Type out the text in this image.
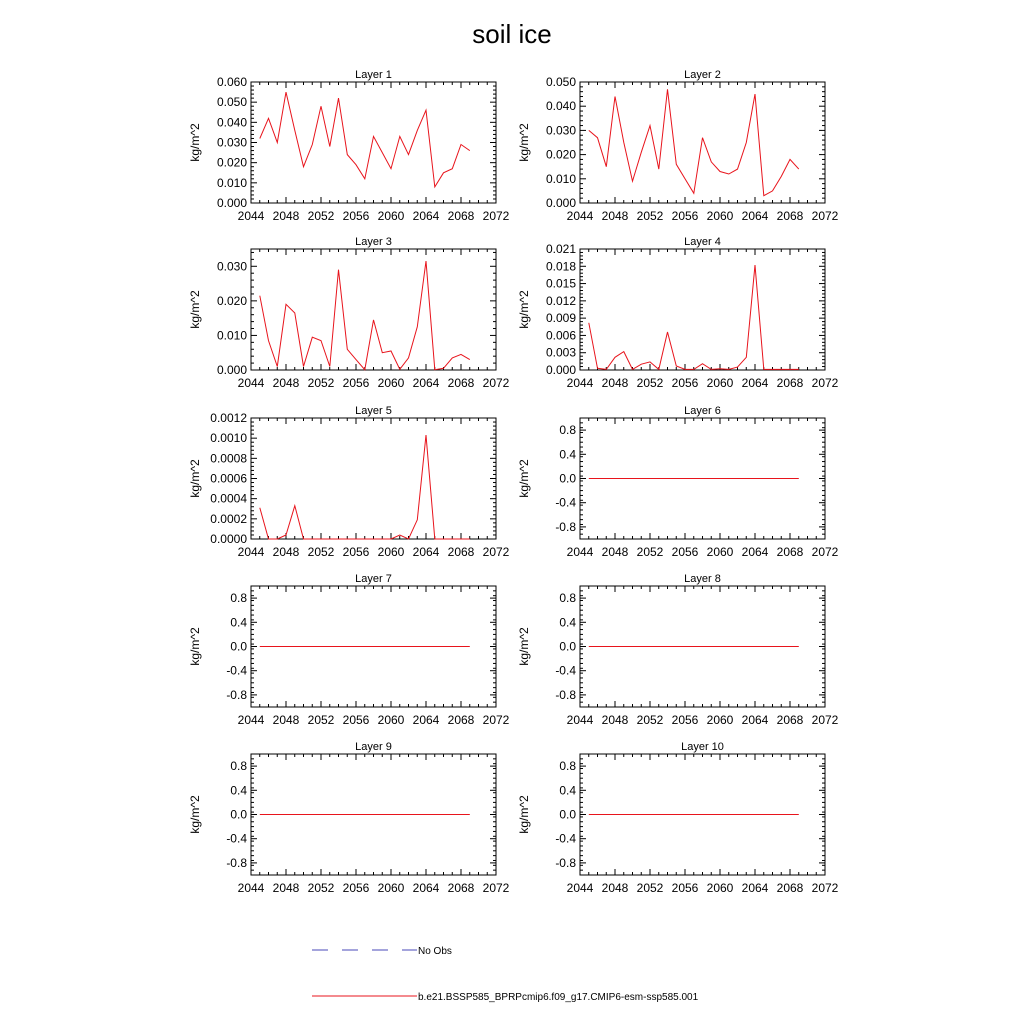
soil ice
Layer 1
2044 2048 2052 2056 2060 2064 2068 2072
0.000
0.010
0.020
0.030
0.040
0.050
0.060
kg/m^2
Layer 2
2044 2048 2052 2056 2060 2064 2068 2072
0.000
0.010
0.020
0.030
0.040
0.050
kg/m^2
Layer 3
2044 2048 2052 2056 2060 2064 2068 2072
0.000
0.010
0.020
0.030
kg/m^2
Layer 4
2044 2048 2052 2056 2060 2064 2068 2072
0.000
0.003
0.006
0.009
0.012
0.015
0.018
0.021
kg/m^2
Layer 5
2044 2048 2052 2056 2060 2064 2068 2072
0.0000
0.0002
0.0004
0.0006
0.0008
0.0010
0.0012
kg/m^2
Layer 6
2044 2048 2052 2056 2060 2064 2068 2072
-0.8
-0.4
0.0
0.4
0.8
kg/m^2
Layer 7
2044 2048 2052 2056 2060 2064 2068 2072
-0.8
-0.4
0.0
0.4
0.8
kg/m^2
Layer 8
2044 2048 2052 2056 2060 2064 2068 2072
-0.8
-0.4
0.0
0.4
0.8
kg/m^2
Layer 9
2044 2048 2052 2056 2060 2064 2068 2072
-0.8
-0.4
0.0
0.4
0.8
kg/m^2
Layer 10
2044 2048 2052 2056 2060 2064 2068 2072
-0.8
-0.4
0.0
0.4
0.8
kg/m^2
No Obs
b.e21.BSSP585_BPRPcmip6.f09_g17.CMIP6-esm-ssp585.001
